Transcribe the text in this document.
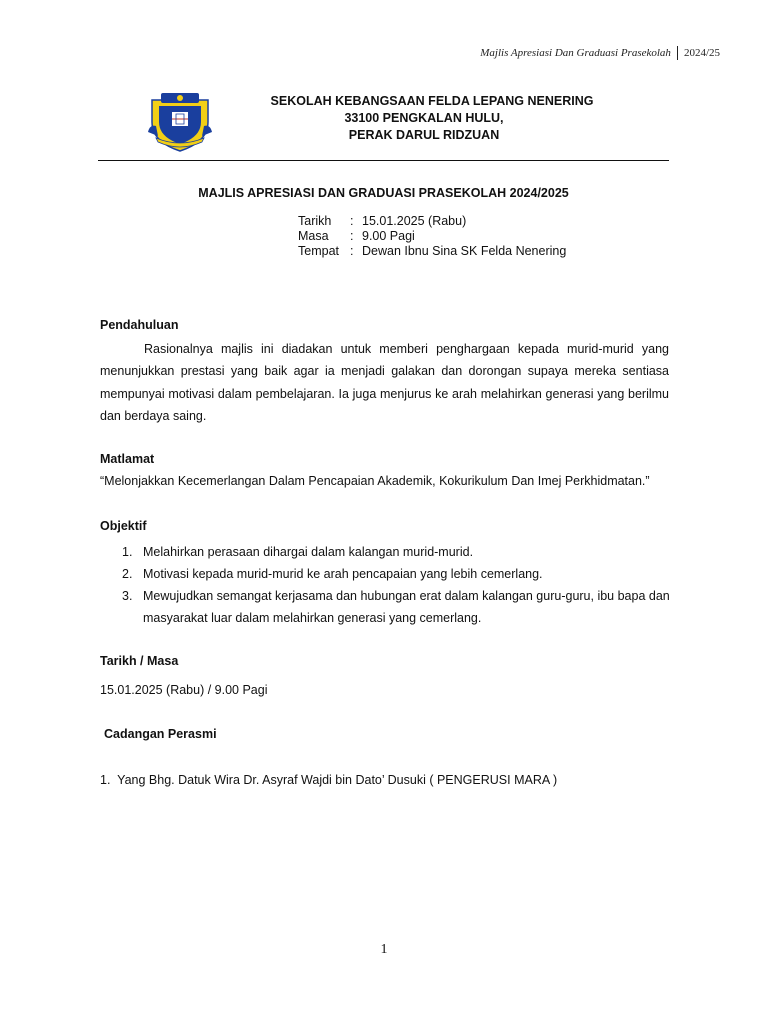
Majlis Apresiasi Dan Graduasi Prasekolah 2024/25
SEKOLAH KEBANGSAAN FELDA LEPANG NENERING
33100 PENGKALAN HULU,
PERAK DARUL RIDZUAN
MAJLIS APRESIASI DAN GRADUASI PRASEKOLAH 2024/2025
Tarikh	: 15.01.2025 (Rabu)
Masa	: 9.00 Pagi
Tempat : Dewan Ibnu Sina SK Felda Nenering
Pendahuluan
Rasionalnya majlis ini diadakan untuk memberi penghargaan kepada murid-murid yang menunjukkan prestasi yang baik agar ia menjadi galakan dan dorongan supaya mereka sentiasa mempunyai motivasi dalam pembelajaran. Ia juga menjurus ke arah melahirkan generasi yang berilmu dan berdaya saing.
Matlamat
“Melonjakkan Kecemerlangan Dalam Pencapaian Akademik, Kokurikulum Dan Imej Perkhidmatan.”
Objektif
1. Melahirkan perasaan dihargai dalam kalangan murid-murid.
2. Motivasi kepada murid-murid ke arah pencapaian yang lebih cemerlang.
3. Mewujudkan semangat kerjasama dan hubungan erat dalam kalangan guru-guru, ibu bapa dan masyarakat luar dalam melahirkan generasi yang cemerlang.
Tarikh / Masa
15.01.2025 (Rabu) / 9.00 Pagi
Cadangan Perasmi
1. Yang Bhg. Datuk Wira Dr. Asyraf Wajdi bin Dato’ Dusuki ( PENGERUSI MARA )
1
